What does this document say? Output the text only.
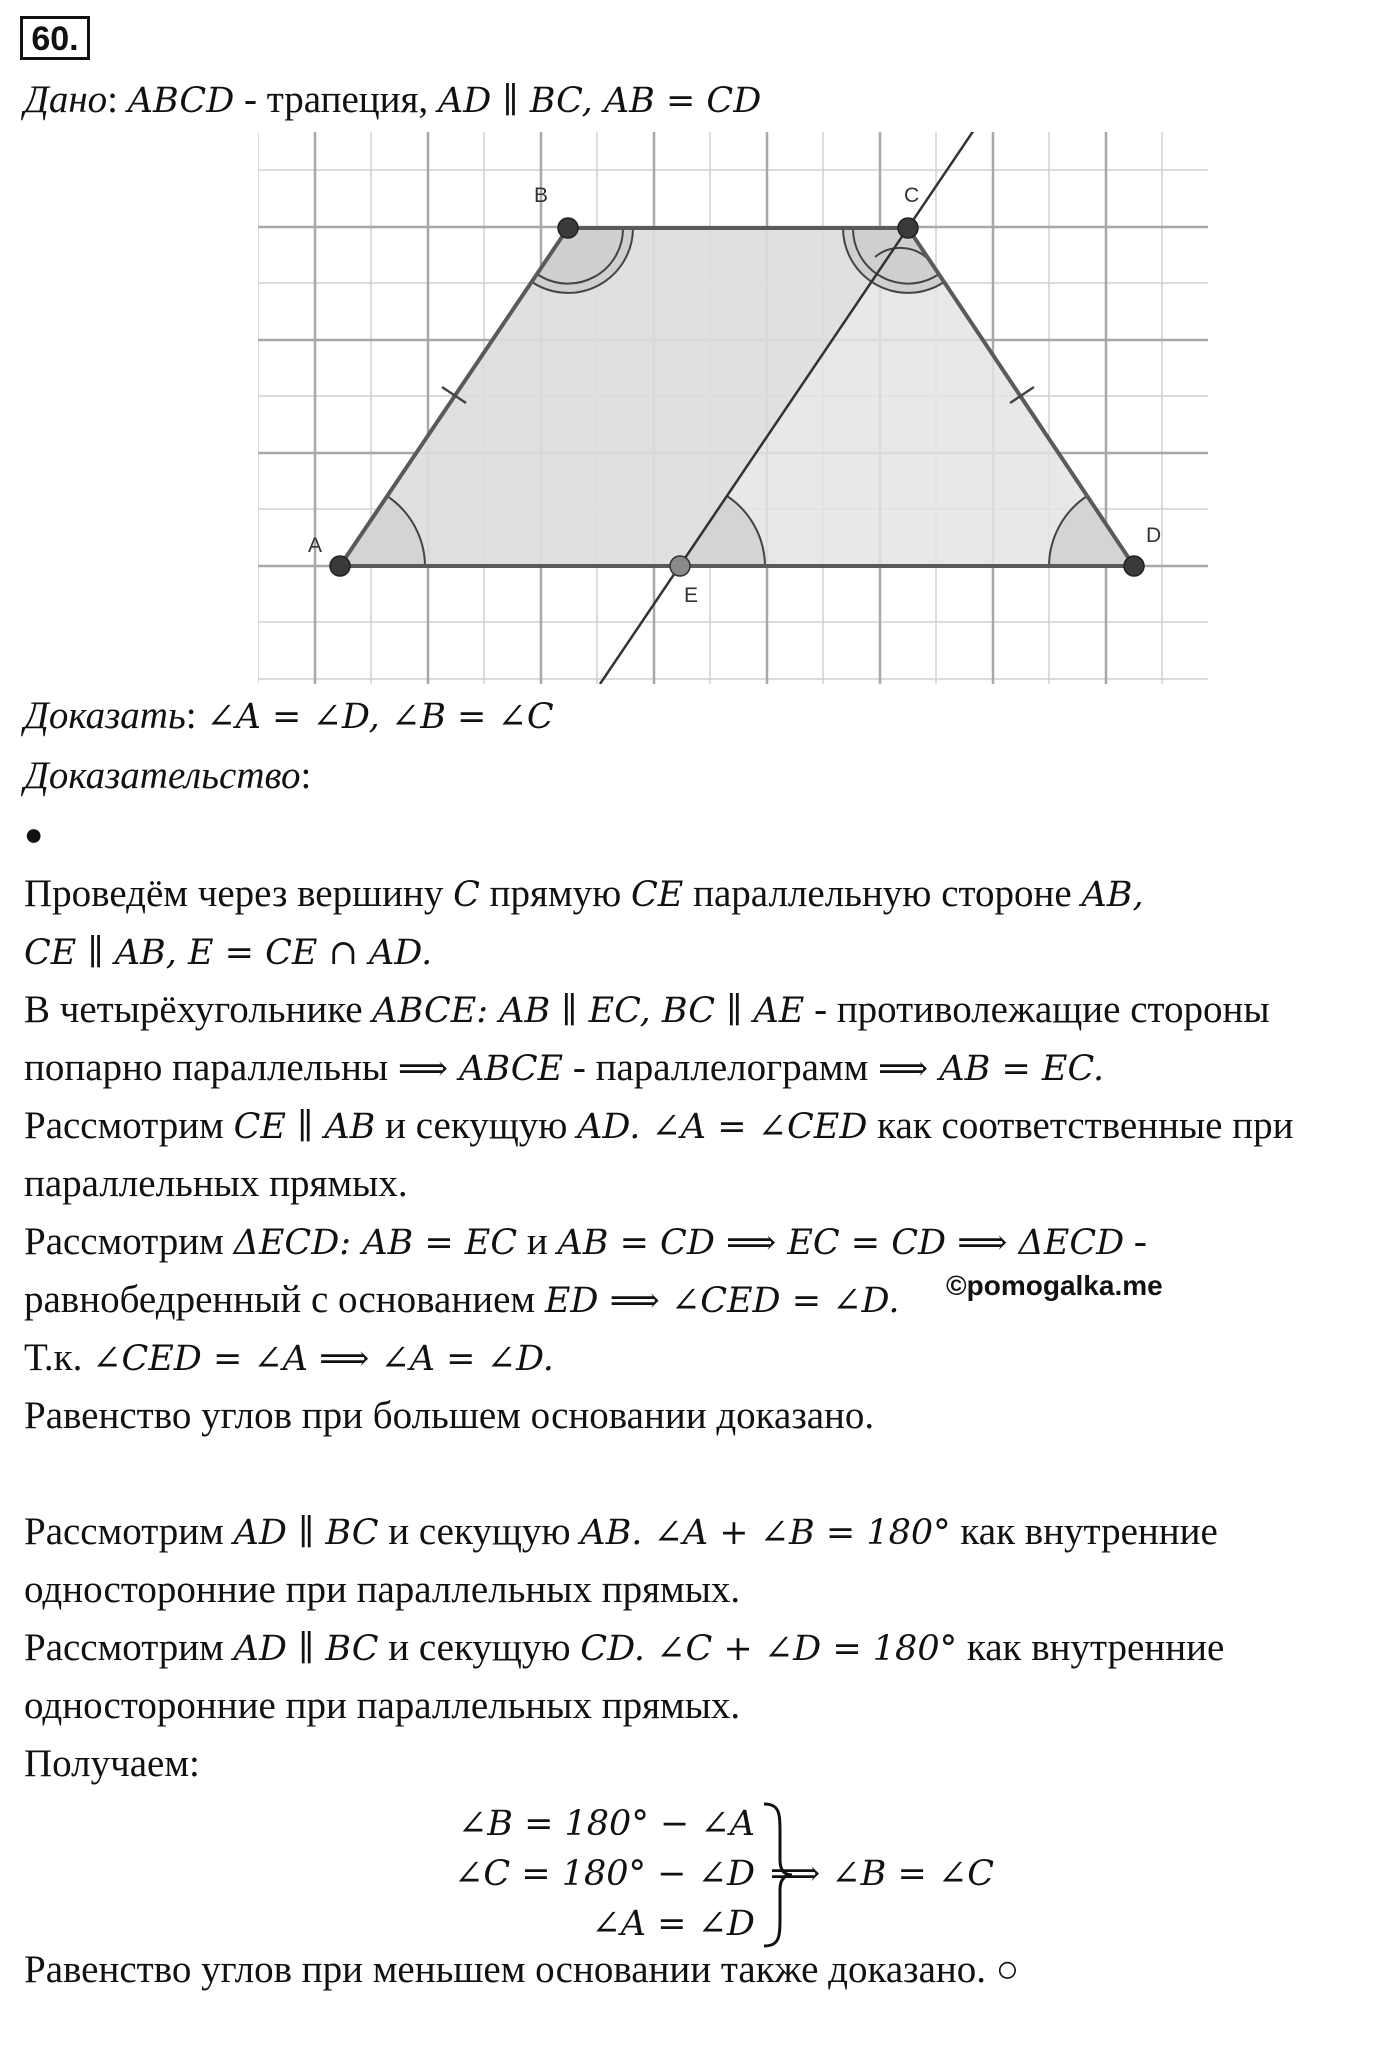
60.
Дано: ABCD - трапеция, AD ∥ BC, AB = CD
A
B	C
D
E
Доказать: ∠A = ∠D, ∠B = ∠C
Доказательство:
●
Проведём через вершину C прямую CE параллельную стороне AB,
CE ∥ AB, E = CE ∩ AD.
В четырёхугольнике ABCE: AB ∥ EC, BC ∥ AE - противолежащие стороны
попарно параллельны ⟹ ABCE - параллелограмм ⟹ AB = EC.
Рассмотрим CE ∥ AB и секущую AD. ∠A = ∠CED как соответственные при
параллельных прямых.
Рассмотрим ΔECD: AB = EC и AB = CD ⟹ EC = CD ⟹ ΔECD -
равнобедренный с основанием ED ⟹ ∠CED = ∠D. ©pomogalka.me
Т.к. ∠CED = ∠A ⟹ ∠A = ∠D.
Равенство углов при большем основании доказано.
Рассмотрим AD ∥ BC и секущую AB. ∠A + ∠B = 180° как внутренние
односторонние при параллельных прямых.
Рассмотрим AD ∥ BC и секущую CD. ∠C + ∠D = 180° как внутренние
односторонние при параллельных прямых.
Получаем:
∠B = 180° − ∠A
∠C = 180° − ∠D
∠A = ∠D
⟹ ∠B = ∠C
Равенство углов при меньшем основании также доказано. ○
